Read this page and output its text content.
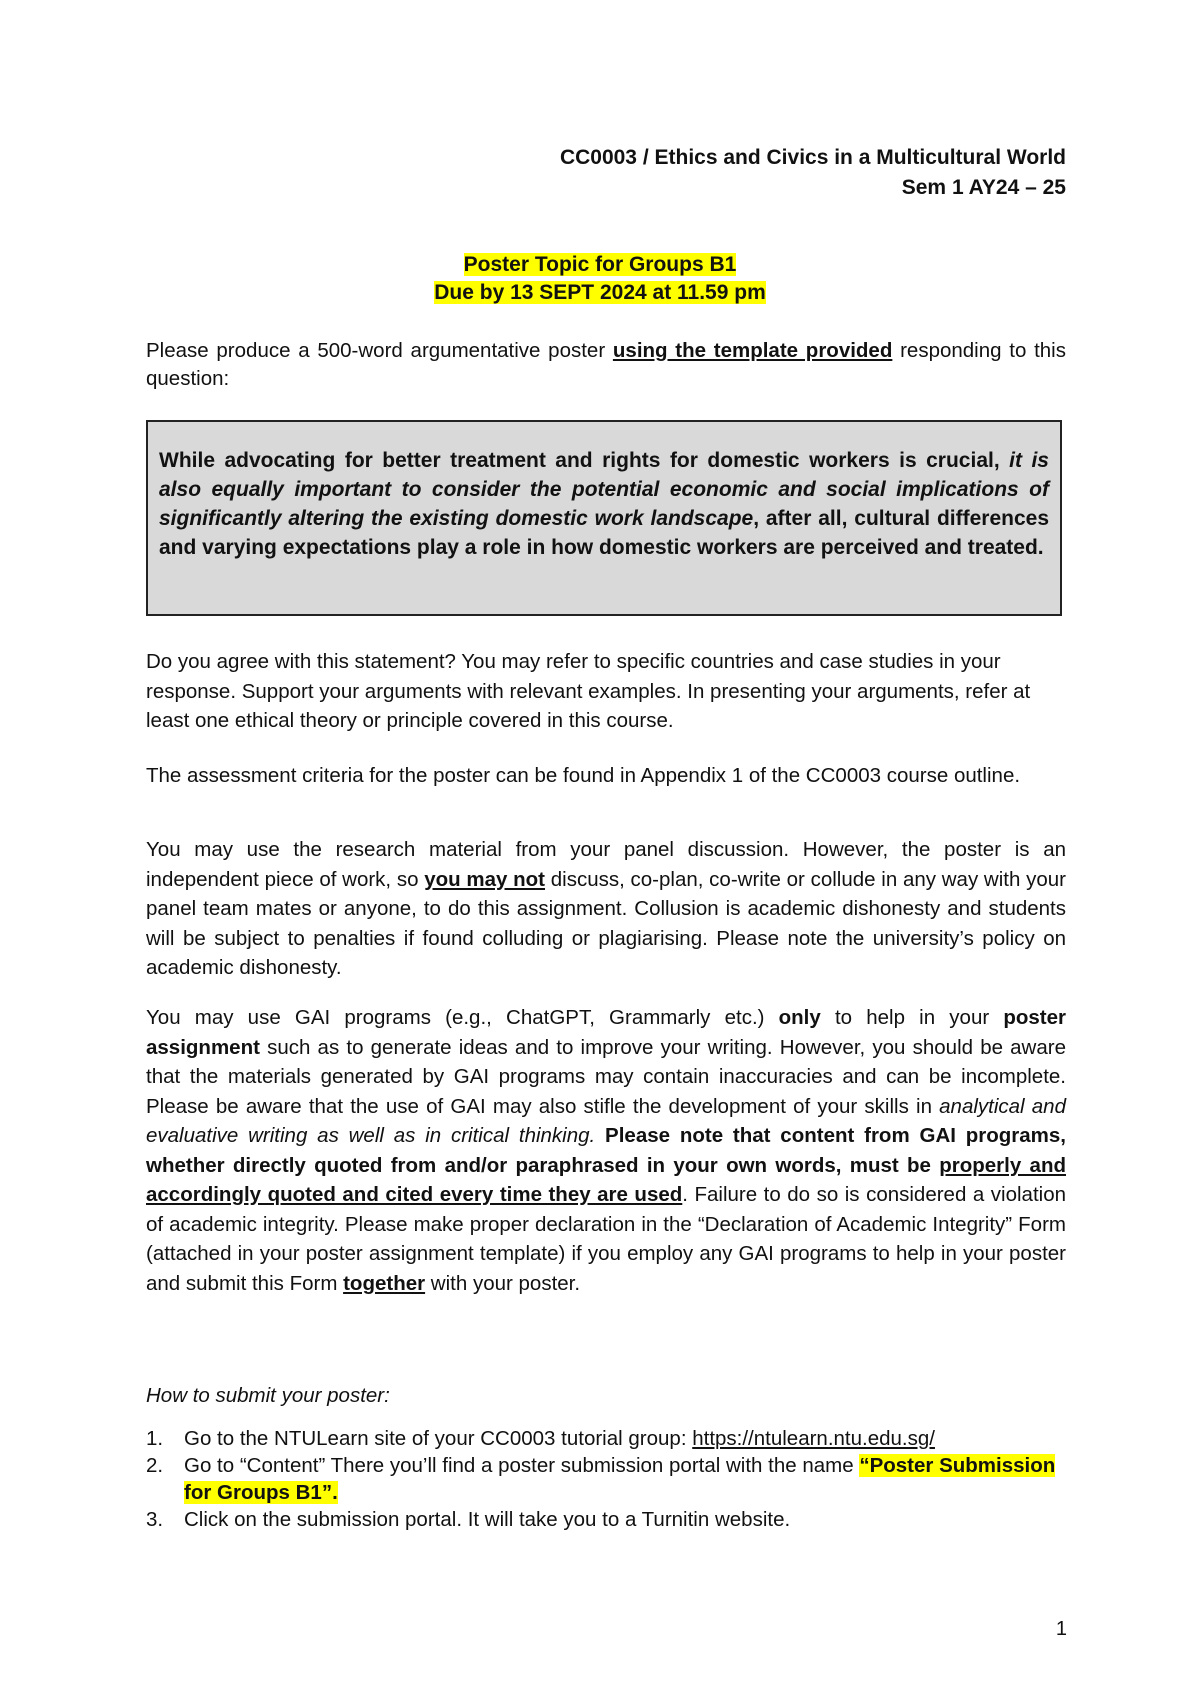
CC0003 / Ethics and Civics in a Multicultural World
Sem 1 AY24 – 25
Poster Topic for Groups B1
Due by 13 SEPT 2024 at 11.59 pm

Please produce a 500-word argumentative poster using the template provided responding to this question:

While advocating for better treatment and rights for domestic workers is crucial, it is also equally important to consider the potential economic and social implications of significantly altering the existing domestic work landscape, after all, cultural differences and varying expectations play a role in how domestic workers are perceived and treated.

Do you agree with this statement? You may refer to specific countries and case studies in your response. Support your arguments with relevant examples. In presenting your arguments, refer at least one ethical theory or principle covered in this course.

The assessment criteria for the poster can be found in Appendix 1 of the CC0003 course outline.

You may use the research material from your panel discussion. However, the poster is an independent piece of work, so you may not discuss, co-plan, co-write or collude in any way with your panel team mates or anyone, to do this assignment. Collusion is academic dishonesty and students will be subject to penalties if found colluding or plagiarising. Please note the university’s policy on academic dishonesty.

You may use GAI programs (e.g., ChatGPT, Grammarly etc.) only to help in your poster assignment such as to generate ideas and to improve your writing. However, you should be aware that the materials generated by GAI programs may contain inaccuracies and can be incomplete. Please be aware that the use of GAI may also stifle the development of your skills in analytical and evaluative writing as well as in critical thinking. Please note that content from GAI programs, whether directly quoted from and/or paraphrased in your own words, must be properly and accordingly quoted and cited every time they are used. Failure to do so is considered a violation of academic integrity. Please make proper declaration in the “Declaration of Academic Integrity” Form (attached in your poster assignment template) if you employ any GAI programs to help in your poster and submit this Form together with your poster.

How to submit your poster:

1. Go to the NTULearn site of your CC0003 tutorial group: https://ntulearn.ntu.edu.sg/
2. Go to “Content” There you’ll find a poster submission portal with the name “Poster Submission for Groups B1”.
3. Click on the submission portal. It will take you to a Turnitin website.
1
